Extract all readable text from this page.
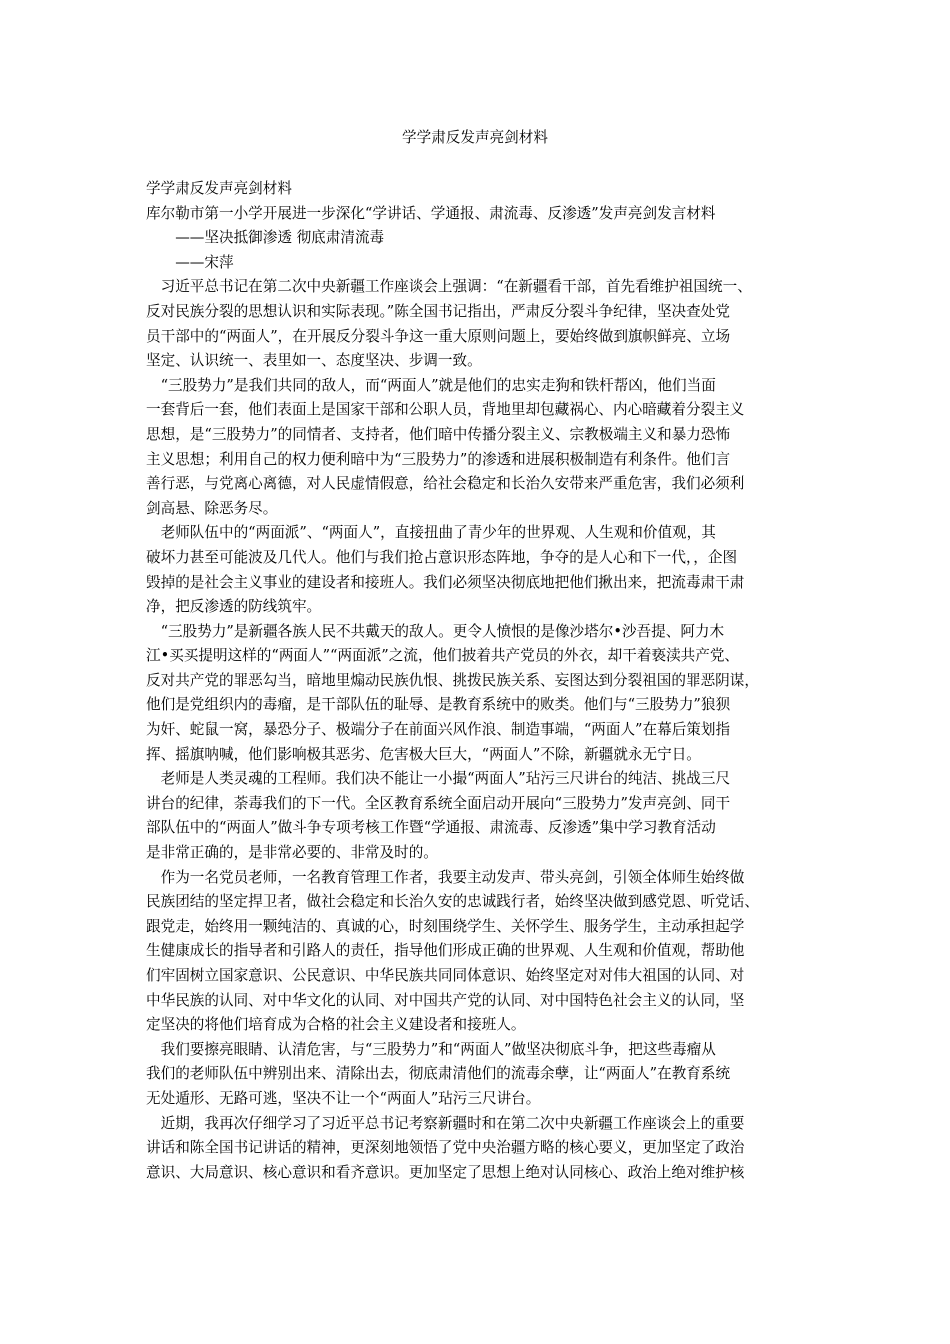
学学肃反发声亮剑材料
学学肃反发声亮剑材料
库尔勒市第一小学开展进一步深化“学讲话、学通报、肃流毒、反渗透”发声亮剑发言材料
　　——坚决抵御渗透 彻底肃清流毒
　　——宋萍
　习近平总书记在第二次中央新疆工作座谈会上强调：“在新疆看干部，首先看维护祖国统一、
反对民族分裂的思想认识和实际表现。”陈全国书记指出，严肃反分裂斗争纪律，坚决查处党
员干部中的“两面人”，在开展反分裂斗争这一重大原则问题上，要始终做到旗帜鲜亮、立场
坚定、认识统一、表里如一、态度坚决、步调一致。
　“三股势力”是我们共同的敌人，而“两面人”就是他们的忠实走狗和铁杆帮凶，他们当面
一套背后一套，他们表面上是国家干部和公职人员，背地里却包藏祸心、内心暗藏着分裂主义
思想，是“三股势力”的同情者、支持者，他们暗中传播分裂主义、宗教极端主义和暴力恐怖
主义思想；利用自己的权力便利暗中为“三股势力”的渗透和进展积极制造有利条件。他们言
善行恶，与党离心离德，对人民虚情假意，给社会稳定和长治久安带来严重危害，我们必须利
剑高悬、除恶务尽。
　老师队伍中的“两面派”、“两面人”，直接扭曲了青少年的世界观、人生观和价值观，其
破坏力甚至可能波及几代人。他们与我们抢占意识形态阵地，争夺的是人心和下一代，，企图
毁掉的是社会主义事业的建设者和接班人。我们必须坚决彻底地把他们揪出来，把流毒肃干肃
净，把反渗透的防线筑牢。
　“三股势力”是新疆各族人民不共戴天的敌人。更令人愤恨的是像沙塔尔•沙吾提、阿力木
江•买买提明这样的“两面人”“两面派”之流，他们披着共产党员的外衣，却干着亵渎共产党、
反对共产党的罪恶勾当，暗地里煽动民族仇恨、挑拨民族关系、妄图达到分裂祖国的罪恶阴谋，
他们是党组织内的毒瘤，是干部队伍的耻辱、是教育系统中的败类。他们与“三股势力”狼狈
为奸、蛇鼠一窝，暴恐分子、极端分子在前面兴风作浪、制造事端，“两面人”在幕后策划指
挥、摇旗呐喊，他们影响极其恶劣、危害极大巨大，“两面人”不除，新疆就永无宁日。
　老师是人类灵魂的工程师。我们决不能让一小撮“两面人”玷污三尺讲台的纯洁、挑战三尺
讲台的纪律，荼毒我们的下一代。全区教育系统全面启动开展向“三股势力”发声亮剑、同干
部队伍中的“两面人”做斗争专项考核工作暨“学通报、肃流毒、反渗透”集中学习教育活动
是非常正确的，是非常必要的、非常及时的。
　作为一名党员老师，一名教育管理工作者，我要主动发声、带头亮剑，引领全体师生始终做
民族团结的坚定捍卫者，做社会稳定和长治久安的忠诚践行者，始终坚决做到感党恩、听党话、
跟党走，始终用一颗纯洁的、真诚的心，时刻围绕学生、关怀学生、服务学生，主动承担起学
生健康成长的指导者和引路人的责任，指导他们形成正确的世界观、人生观和价值观，帮助他
们牢固树立国家意识、公民意识、中华民族共同同体意识、始终坚定对对伟大祖国的认同、对
中华民族的认同、对中华文化的认同、对中国共产党的认同、对中国特色社会主义的认同，坚
定坚决的将他们培育成为合格的社会主义建设者和接班人。
　我们要擦亮眼睛、认清危害，与“三股势力”和“两面人”做坚决彻底斗争，把这些毒瘤从
我们的老师队伍中辨别出来、清除出去，彻底肃清他们的流毒余孽，让“两面人”在教育系统
无处遁形、无路可逃，坚决不让一个“两面人”玷污三尺讲台。
　近期，我再次仔细学习了习近平总书记考察新疆时和在第二次中央新疆工作座谈会上的重要
讲话和陈全国书记讲话的精神，更深刻地领悟了党中央治疆方略的核心要义，更加坚定了政治
意识、大局意识、核心意识和看齐意识。更加坚定了思想上绝对认同核心、政治上绝对维护核
